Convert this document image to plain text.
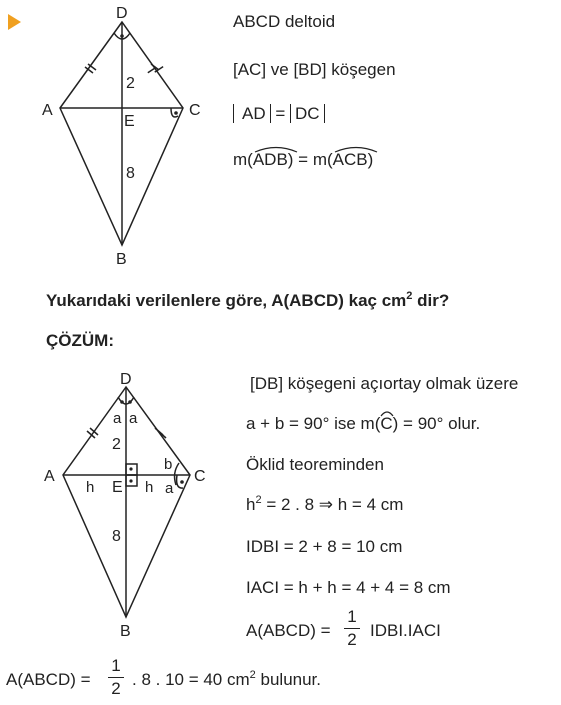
D
A	C
B
E
2
8
ABCD deltoid
[AC] ve [BD] köşegen
AD = DC
m(
ADB) = m(
ACB)
Yukarıdaki verilenlere göre, A(ABCD) kaç $cm^2$ dir?
ÇÖZÜM:
D
A	C
B
E
a a
b
a
h	h
2
8
[DB] köşegeni açıortay olmak üzere
a + b = 90° ise m(
C) = 90° olur.
Öklid teoreminden
$h^2 = 2$ . 8 ⇒ h = 4 cm
IDBI = 2 + 8 = 10 cm
IACI = h + h = 4 + 4 = 8 cm
A(ABCD) =
1
2 IDBI.IACI
A(ABCD) =
1
2 . 8 . 10 = 40 $cm^2$ bulunur.
